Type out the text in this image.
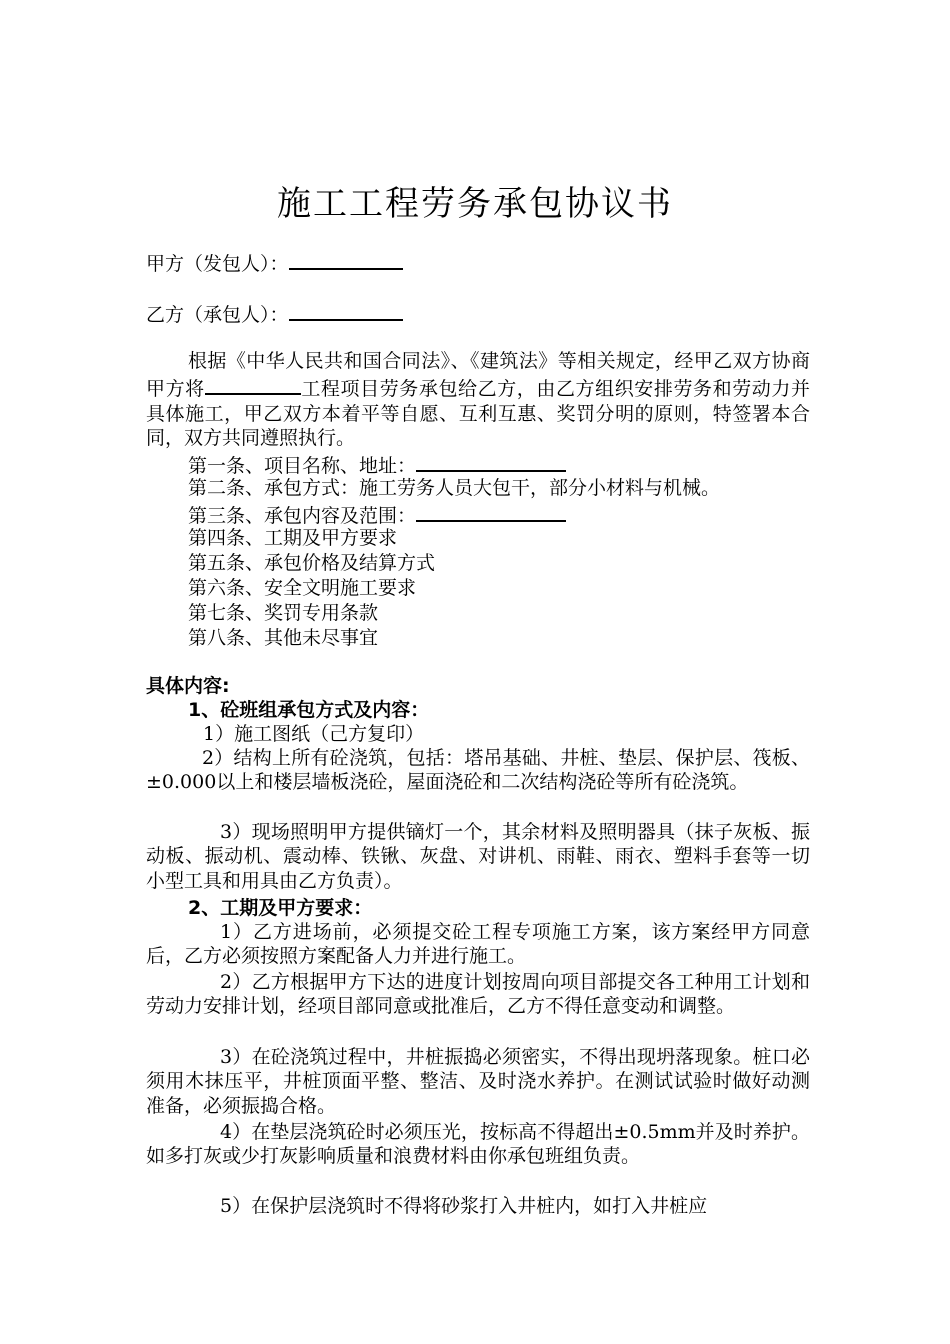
施工工程劳务承包协议书
甲方（发包人）：
乙方（承包人）：
根据《中华人民共和国合同法》、《建筑法》等相关规定，经甲乙双方协商甲方将	工程项目劳务承包给乙方，由乙方组织安排劳务和劳动力并具体施工，甲乙双方本着平等自愿、互利互惠、奖罚分明的原则，特签署本合同，双方共同遵照执行。
第一条、项目名称、地址：
第二条、承包方式：施工劳务人员大包干，部分小材料与机械。
第三条、承包内容及范围：
第四条、工期及甲方要求
第五条、承包价格及结算方式
第六条、安全文明施工要求
第七条、奖罚专用条款
第八条、其他未尽事宜
具体内容:
1、砼班组承包方式及内容：
1）施工图纸（己方复印）
2）结构上所有砼浇筑，包括：塔吊基础、井桩、垫层、保护层、筏板、±0.000以上和楼层墙板浇砼，屋面浇砼和二次结构浇砼等所有砼浇筑。
3）现场照明甲方提供镝灯一个，其余材料及照明器具（抹子灰板、振动板、振动机、震动棒、铁锹、灰盘、对讲机、雨鞋、雨衣、塑料手套等一切小型工具和用具由乙方负责）。
2、工期及甲方要求：
1）乙方进场前，必须提交砼工程专项施工方案，该方案经甲方同意后，乙方必须按照方案配备人力并进行施工。
2）乙方根据甲方下达的进度计划按周向项目部提交各工种用工计划和劳动力安排计划，经项目部同意或批准后，乙方不得任意变动和调整。
3）在砼浇筑过程中，井桩振捣必须密实，不得出现坍落现象。桩口必须用木抹压平，井桩顶面平整、整洁、及时浇水养护。在测试试验时做好动测准备，必须振捣合格。
4）在垫层浇筑砼时必须压光，按标高不得超出±0.5mm并及时养护。如多打灰或少打灰影响质量和浪费材料由你承包班组负责。
5）在保护层浇筑时不得将砂浆打入井桩内，如打入井桩应
